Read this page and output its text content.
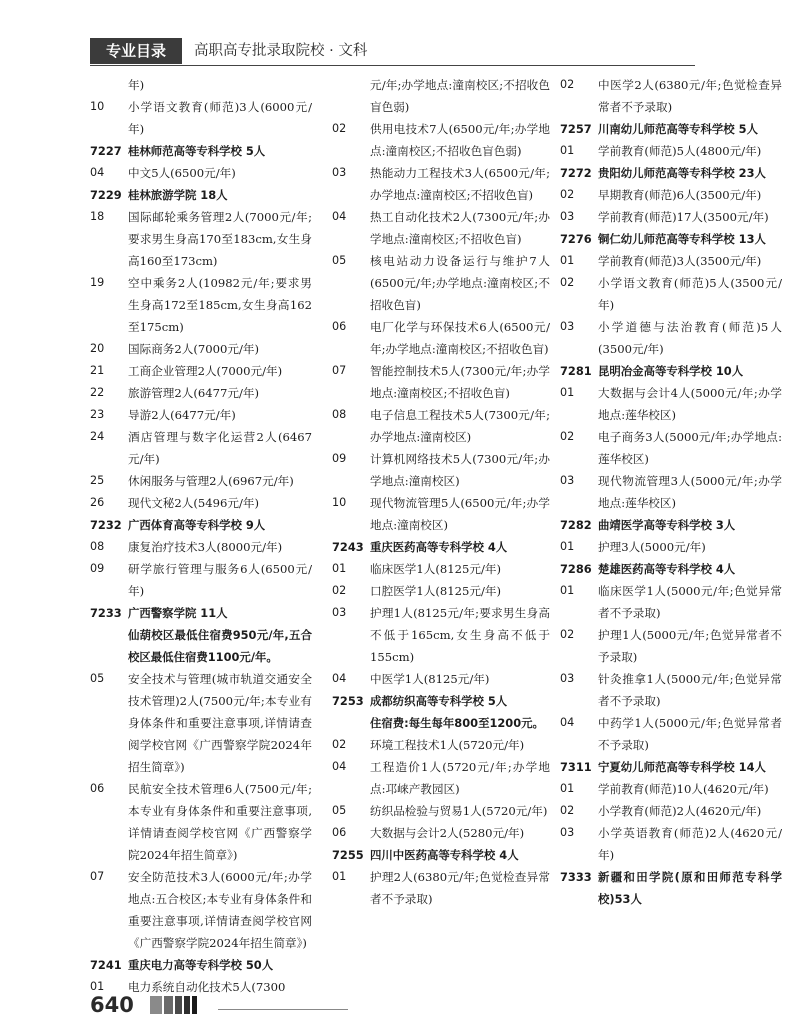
专业目录	高职高专批录取院校 · 文科
年)
10	小学语文教育(师范)3人(6000元/年)
7227 桂林师范高等专科学校 5人
04	中文5人(6500元/年)
7229 桂林旅游学院 18人
18	国际邮轮乘务管理2人(7000元/年;要求男生身高170至183cm,女生身高160至173cm)
19	空中乘务2人(10982元/年;要求男生身高172至185cm,女生身高162至175cm)
20	国际商务2人(7000元/年)
21	工商企业管理2人(7000元/年)
22	旅游管理2人(6477元/年)
23	导游2人(6477元/年)
24	酒店管理与数字化运营2人(6467元/年)
25	休闲服务与管理2人(6967元/年)
26	现代文秘2人(5496元/年)
7232 广西体育高等专科学校 9人
08	康复治疗技术3人(8000元/年)
09	研学旅行管理与服务6人(6500元/年)
7233 广西警察学院 11人
仙葫校区最低住宿费950元/年,五合校区最低住宿费1100元/年。
05	安全技术与管理(城市轨道交通安全技术管理)2人(7500元/年;本专业有身体条件和重要注意事项,详情请查阅学校官网《广西警察学院2024年招生简章》)
06	民航安全技术管理6人(7500元/年;本专业有身体条件和重要注意事项,详情请查阅学校官网《广西警察学院2024年招生简章》)
07	安全防范技术3人(6000元/年;办学地点:五合校区;本专业有身体条件和重要注意事项,详情请查阅学校官网《广西警察学院2024年招生简章》)
7241 重庆电力高等专科学校 50人
01	电力系统自动化技术5人(7300
元/年;办学地点:潼南校区;不招收色盲色弱)
02	供用电技术7人(6500元/年;办学地点:潼南校区;不招收色盲色弱)
03	热能动力工程技术3人(6500元/年;办学地点:潼南校区;不招收色盲)
04	热工自动化技术2人(7300元/年;办学地点:潼南校区;不招收色盲)
05	核电站动力设备运行与维护7人(6500元/年;办学地点:潼南校区;不招收色盲)
06	电厂化学与环保技术6人(6500元/年;办学地点:潼南校区;不招收色盲)
07	智能控制技术5人(7300元/年;办学地点:潼南校区;不招收色盲)
08	电子信息工程技术5人(7300元/年;办学地点:潼南校区)
09	计算机网络技术5人(7300元/年;办学地点:潼南校区)
10	现代物流管理5人(6500元/年;办学地点:潼南校区)
7243 重庆医药高等专科学校 4人
01	临床医学1人(8125元/年)
02	口腔医学1人(8125元/年)
03	护理1人(8125元/年;要求男生身高不低于165cm,女生身高不低于155cm)
04	中医学1人(8125元/年)
7253 成都纺织高等专科学校 5人
住宿费:每生每年800至1200元。
02	环境工程技术1人(5720元/年)
04	工程造价1人(5720元/年;办学地点:邛崃产教园区)
05	纺织品检验与贸易1人(5720元/年)
06	大数据与会计2人(5280元/年)
7255 四川中医药高等专科学校 4人
01	护理2人(6380元/年;色觉检查异常者不予录取)
02	中医学2人(6380元/年;色觉检查异常者不予录取)
7257 川南幼儿师范高等专科学校 5人
01	学前教育(师范)5人(4800元/年)
7272 贵阳幼儿师范高等专科学校 23人
02	早期教育(师范)6人(3500元/年)
03	学前教育(师范)17人(3500元/年)
7276 铜仁幼儿师范高等专科学校 13人
01	学前教育(师范)3人(3500元/年)
02	小学语文教育(师范)5人(3500元/年)
03	小学道德与法治教育(师范)5人(3500元/年)
7281 昆明冶金高等专科学校 10人
01	大数据与会计4人(5000元/年;办学地点:莲华校区)
02	电子商务3人(5000元/年;办学地点:莲华校区)
03	现代物流管理3人(5000元/年;办学地点:莲华校区)
7282 曲靖医学高等专科学校 3人
01	护理3人(5000元/年)
7286 楚雄医药高等专科学校 4人
01	临床医学1人(5000元/年;色觉异常者不予录取)
02	护理1人(5000元/年;色觉异常者不予录取)
03	针灸推拿1人(5000元/年;色觉异常者不予录取)
04	中药学1人(5000元/年;色觉异常者不予录取)
7311 宁夏幼儿师范高等专科学校 14人
01	学前教育(师范)10人(4620元/年)
02	小学教育(师范)2人(4620元/年)
03	小学英语教育(师范)2人(4620元/年)
7333 新疆和田学院(原和田师范专科学校)53人
640
